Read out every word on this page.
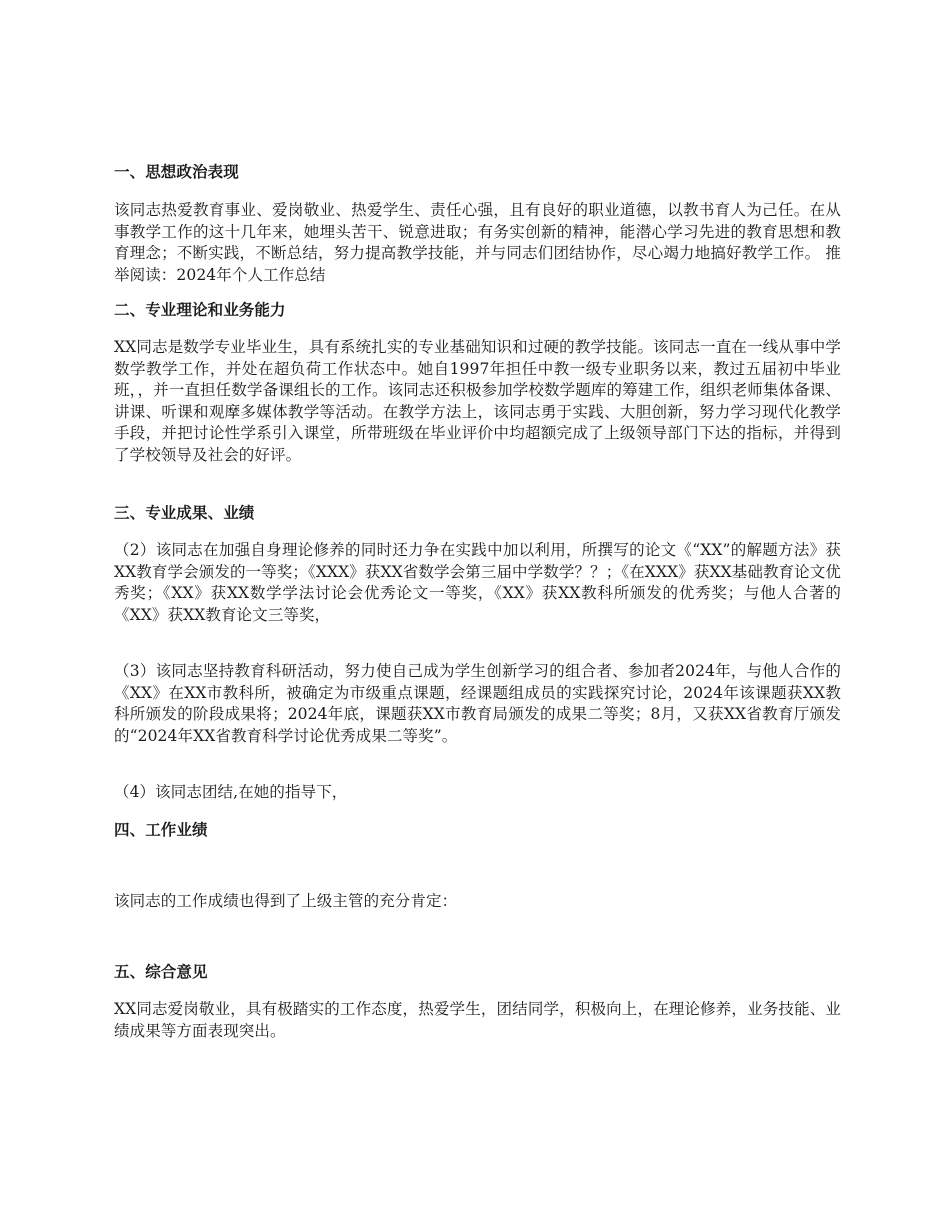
一、思想政治表现

该同志热爱教育事业、爱岗敬业、热爱学生、责任心强，且有良好的职业道德，以教书育人为己任。在从事教学工作的这十几年来，她埋头苦干、锐意进取；有务实创新的精神，能潜心学习先进的教育思想和教育理念；不断实践，不断总结，努力提高教学技能，并与同志们团结协作，尽心竭力地搞好教学工作。 推举阅读：2024年个人工作总结

二、专业理论和业务能力

XX同志是数学专业毕业生，具有系统扎实的专业基础知识和过硬的教学技能。该同志一直在一线从事中学数学教学工作，并处在超负荷工作状态中。她自1997年担任中教一级专业职务以来，教过五届初中毕业班，，并一直担任数学备课组长的工作。该同志还积极参加学校数学题库的筹建工作，组织老师集体备课、讲课、听课和观摩多媒体教学等活动。在教学方法上，该同志勇于实践、大胆创新，努力学习现代化教学手段，并把讨论性学系引入课堂，所带班级在毕业评价中均超额完成了上级领导部门下达的指标，并得到了学校领导及社会的好评。

三、专业成果、业绩

（2）该同志在加强自身理论修养的同时还力争在实践中加以利用，所撰写的论文《“XX”的解题方法》获XX教育学会颁发的一等奖；《XXX》获XX省数学会第三届中学数学？？；《在XXX》获XX基础教育论文优秀奖；《XX》获XX数学学法讨论会优秀论文一等奖，《XX》获XX教科所颁发的优秀奖；与他人合著的《XX》获XX教育论文三等奖，

（3）该同志坚持教育科研活动，努力使自己成为学生创新学习的组合者、参加者2024年，与他人合作的《XX》在XX市教科所，被确定为市级重点课题，经课题组成员的实践探究讨论，2024年该课题获XX教科所颁发的阶段成果将；2024年底，课题获XX市教育局颁发的成果二等奖；8月，又获XX省教育厅颁发的“2024年XX省教育科学讨论优秀成果二等奖”。

（4）该同志团结,在她的指导下，

四、工作业绩

该同志的工作成绩也得到了上级主管的充分肯定：

五、综合意见

XX同志爱岗敬业，具有极踏实的工作态度，热爱学生，团结同学，积极向上，在理论修养，业务技能、业绩成果等方面表现突出。
